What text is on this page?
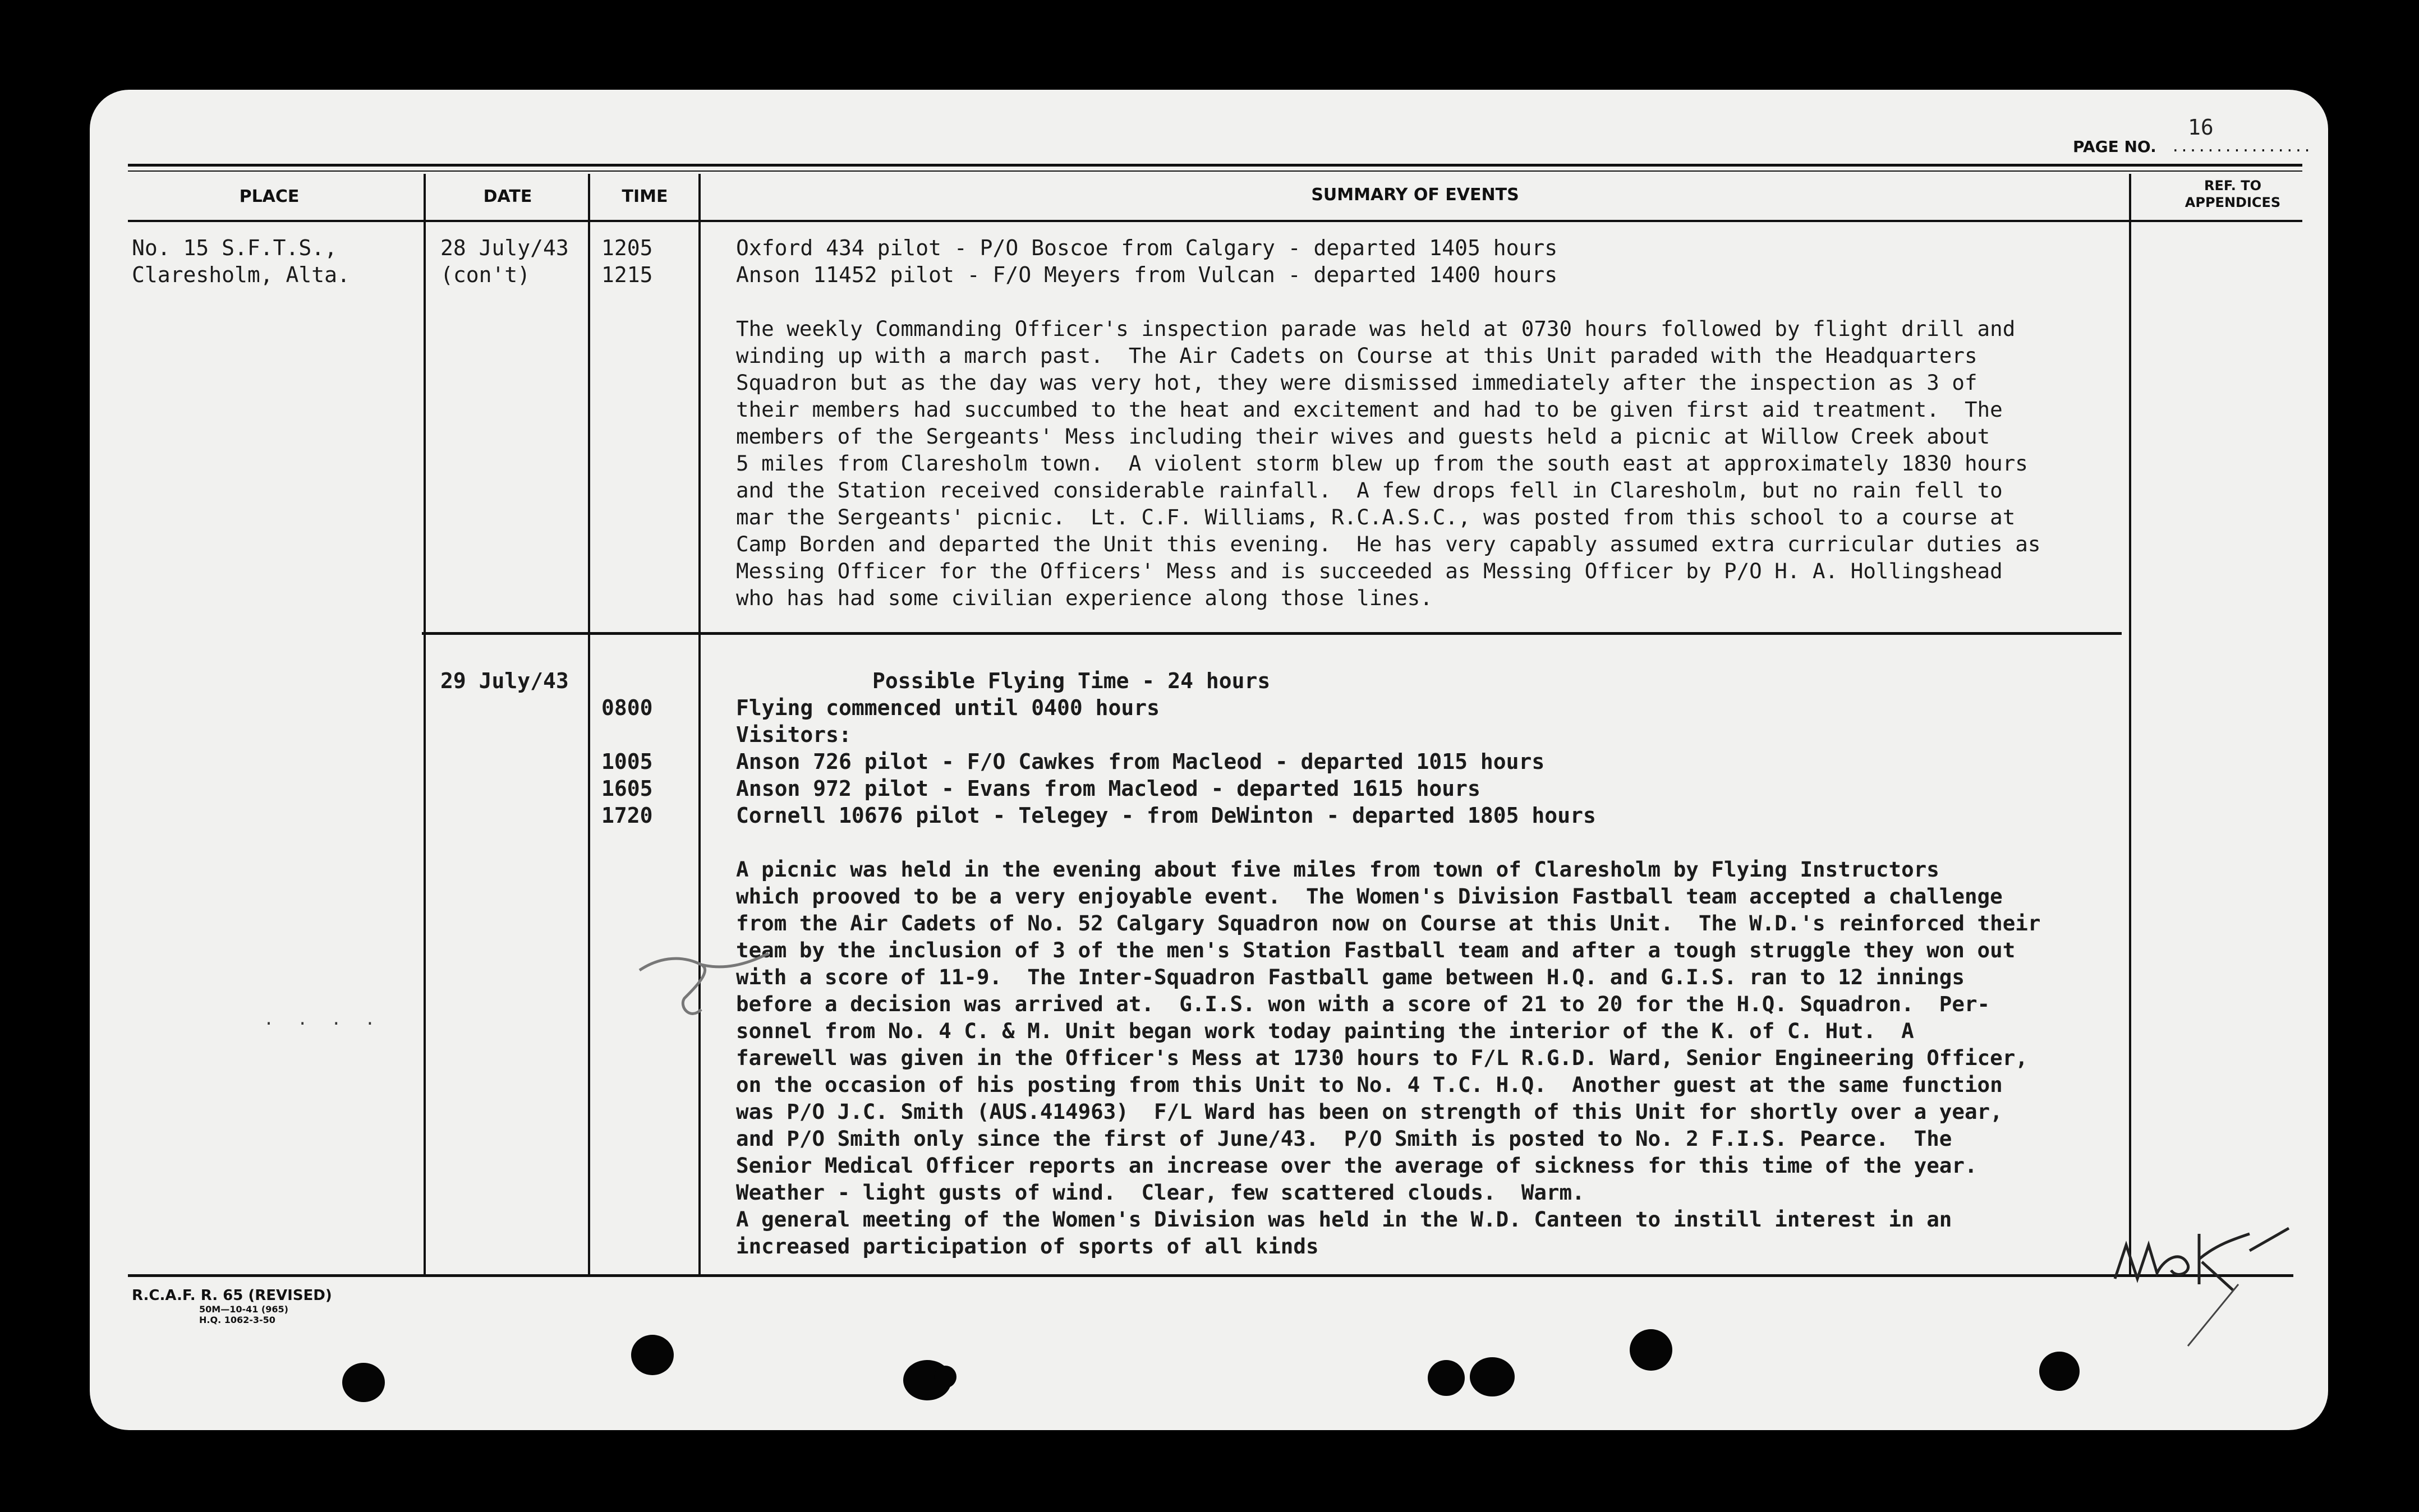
16
PAGE NO. ................
PLACE	DATE	TIME	SUMMARY OF EVENTS	REF. TO
APPENDICES
No. 15 S.F.T.S.,
Claresholm, Alta.
28 July/43
(con't)
1205	Oxford 434 pilot - P/O Boscoe from Calgary - departed 1405 hours
1215	Anson 11452 pilot - F/O Meyers from Vulcan - departed 1400 hours
The weekly Commanding Officer's inspection parade was held at 0730 hours followed by flight drill and
winding up with a march past.  The Air Cadets on Course at this Unit paraded with the Headquarters
Squadron but as the day was very hot, they were dismissed immediately after the inspection as 3 of
their members had succumbed to the heat and excitement and had to be given first aid treatment.  The
members of the Sergeants' Mess including their wives and guests held a picnic at Willow Creek about
5 miles from Claresholm town.  A violent storm blew up from the south east at approximately 1830 hours
and the Station received considerable rainfall.  A few drops fell in Claresholm, but no rain fell to
mar the Sergeants' picnic.  Lt. C.F. Williams, R.C.A.S.C., was posted from this school to a course at
Camp Borden and departed the Unit this evening.  He has very capably assumed extra curricular duties as
Messing Officer for the Officers' Mess and is succeeded as Messing Officer by P/O H. A. Hollingshead
who has had some civilian experience along those lines.
29 July/43	Possible Flying Time - 24 hours
0800	Flying commenced until 0400 hours
Visitors:
1005	Anson 726 pilot - F/O Cawkes from Macleod - departed 1015 hours
1605	Anson 972 pilot - Evans from Macleod - departed 1615 hours
1720	Cornell 10676 pilot - Telegey - from DeWinton - departed 1805 hours
A picnic was held in the evening about five miles from town of Claresholm by Flying Instructors
which prooved to be a very enjoyable event.  The Women's Division Fastball team accepted a challenge
from the Air Cadets of No. 52 Calgary Squadron now on Course at this Unit.  The W.D.'s reinforced their
team by the inclusion of 3 of the men's Station Fastball team and after a tough struggle they won out
with a score of 11-9.  The Inter-Squadron Fastball game between H.Q. and G.I.S. ran to 12 innings
before a decision was arrived at.  G.I.S. won with a score of 21 to 20 for the H.Q. Squadron.  Per-
sonnel from No. 4 C. & M. Unit began work today painting the interior of the K. of C. Hut.  A
farewell was given in the Officer's Mess at 1730 hours to F/L R.G.D. Ward, Senior Engineering Officer,
on the occasion of his posting from this Unit to No. 4 T.C. H.Q.  Another guest at the same function
was P/O J.C. Smith (AUS.414963)  F/L Ward has been on strength of this Unit for shortly over a year,
and P/O Smith only since the first of June/43.  P/O Smith is posted to No. 2 F.I.S. Pearce.  The
Senior Medical Officer reports an increase over the average of sickness for this time of the year.
Weather - light gusts of wind.  Clear, few scattered clouds.  Warm.
A general meeting of the Women's Division was held in the W.D. Canteen to instill interest in an
increased participation of sports of all kinds
. . . .
R.C.A.F. R. 65 (REVISED)
50M—10-41 (965)
H.Q. 1062-3-50
